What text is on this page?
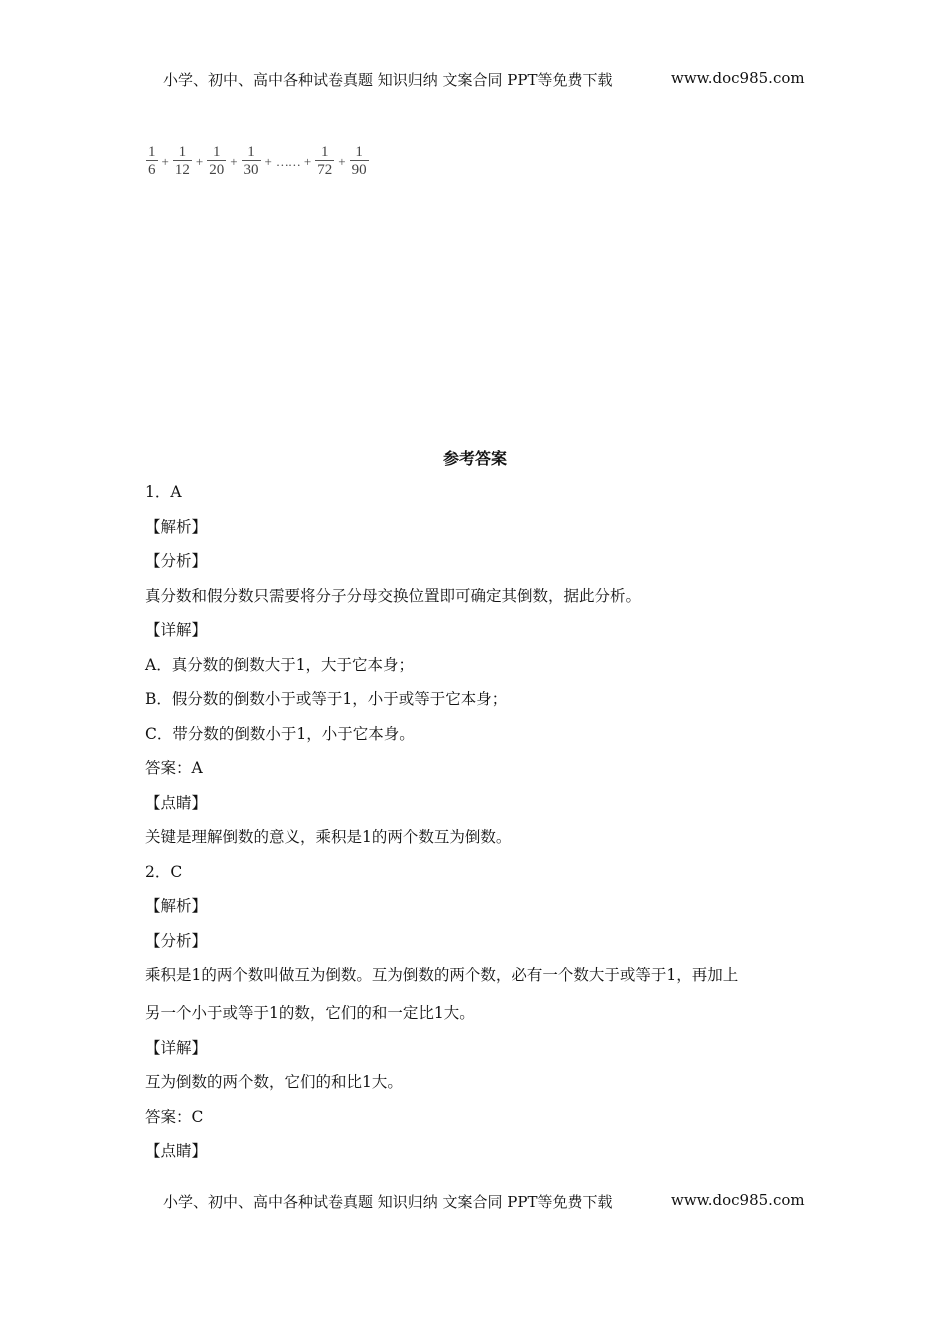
小学、初中、高中各种试卷真题 知识归纳 文案合同 PPT等免费下载	www.doc985.com
$\frac{1}{6} + \frac{1}{12} + \frac{1}{20} + \frac{1}{30}$ + …… + $\frac{1}{72} + \frac{1}{90}$
参考答案
1．A
【解析】
【分析】
真分数和假分数只需要将分子分母交换位置即可确定其倒数，据此分析。
【详解】
A．真分数的倒数大于1，大于它本身；
B．假分数的倒数小于或等于1，小于或等于它本身；
C．带分数的倒数小于1，小于它本身。
答案：A
【点睛】
关键是理解倒数的意义，乘积是1的两个数互为倒数。
2．C
【解析】
【分析】
乘积是1的两个数叫做互为倒数。互为倒数的两个数，必有一个数大于或等于1，再加上
另一个小于或等于1的数，它们的和一定比1大。
【详解】
互为倒数的两个数，它们的和比1大。
答案：C
【点睛】
小学、初中、高中各种试卷真题 知识归纳 文案合同 PPT等免费下载	www.doc985.com
